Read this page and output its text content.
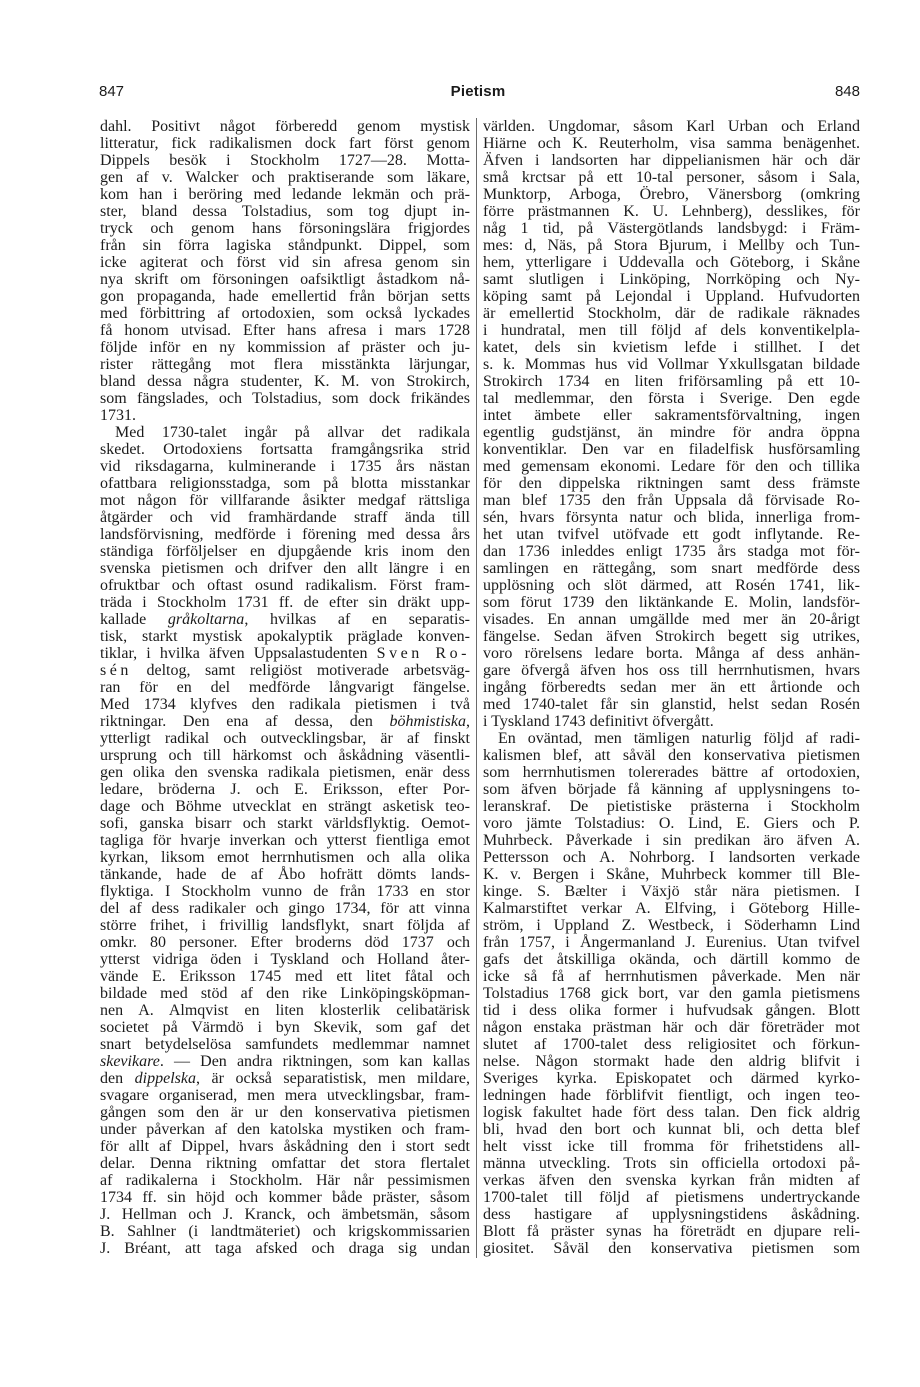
847	Pietism	848
dahl. Positivt något förberedd genom mystisk
litteratur, fick radikalismen dock fart först genom
Dippels besök i Stockholm 1727—28. Motta-
gen af v. Walcker och praktiserande som läkare,
kom han i beröring med ledande lekmän och prä-
ster, bland dessa Tolstadius, som tog djupt in-
tryck och genom hans försoningslära frigjordes
från sin förra lagiska ståndpunkt. Dippel, som
icke agiterat och först vid sin afresa genom sin
nya skrift om försoningen oafsiktligt åstadkom nå-
gon propaganda, hade emellertid från början setts
med förbittring af ortodoxien, som också lyckades
få honom utvisad. Efter hans afresa i mars 1728
följde inför en ny kommission af präster och ju-
rister rättegång mot flera misstänkta lärjungar,
bland dessa några studenter, K. M. von Strokirch,
som fängslades, och Tolstadius, som dock frikändes
1731.
Med 1730-talet ingår på allvar det radikala
skedet. Ortodoxiens fortsatta framgångsrika strid
vid riksdagarna, kulminerande i 1735 års nästan
ofattbara religionsstadga, som på blotta misstankar
mot någon för villfarande åsikter medgaf rättsliga
åtgärder och vid framhärdande straff ända till
landsförvisning, medförde i förening med dessa års
ständiga förföljelser en djupgående kris inom den
svenska pietismen och drifver den allt längre i en
ofruktbar och oftast osund radikalism. Först fram-
träda i Stockholm 1731 ff. de efter sin dräkt upp-
kallade gråkoltarna, hvilkas af en separatis-
tisk, starkt mystisk apokalyptik präglade konven-
tiklar, i hvilka äfven Uppsalastudenten Sven Ro-
sén deltog, samt religiöst motiverade arbetsväg-
ran för en del medförde långvarigt fängelse.
Med 1734 klyfves den radikala pietismen i två
riktningar. Den ena af dessa, den böhmistiska,
ytterligt radikal och outvecklingsbar, är af finskt
ursprung och till härkomst och åskådning väsentli-
gen olika den svenska radikala pietismen, enär dess
ledare, bröderna J. och E. Eriksson, efter Por-
dage och Böhme utvecklat en strängt asketisk teo-
sofi, ganska bisarr och starkt världsflyktig. Oemot-
tagliga för hvarje inverkan och ytterst fientliga emot
kyrkan, liksom emot herrnhutismen och alla olika
tänkande, hade de af Åbo hofrätt dömts lands-
flyktiga. I Stockholm vunno de från 1733 en stor
del af dess radikaler och gingo 1734, för att vinna
större frihet, i frivillig landsflykt, snart följda af
omkr. 80 personer. Efter broderns död 1737 och
ytterst vidriga öden i Tyskland och Holland åter-
vände E. Eriksson 1745 med ett litet fåtal och
bildade med stöd af den rike Linköpingsköpman-
nen A. Almqvist en liten klosterlik celibatärisk
societet på Värmdö i byn Skevik, som gaf det
snart betydelselösa samfundets medlemmar namnet
skevikare. — Den andra riktningen, som kan kallas
den dippelska, är också separatistisk, men mildare,
svagare organiserad, men mera utvecklingsbar, fram-
gången som den är ur den konservativa pietismen
under påverkan af den katolska mystiken och fram-
för allt af Dippel, hvars åskådning den i stort sedt
delar. Denna riktning omfattar det stora flertalet
af radikalerna i Stockholm. Här når pessimismen
1734 ff. sin höjd och kommer både präster, såsom
J. Hellman och J. Kranck, och ämbetsmän, såsom
B. Sahlner (i landtmäteriet) och krigskommissarien
J. Bréant, att taga afsked och draga sig undan
världen. Ungdomar, såsom Karl Urban och Erland
Hiärne och K. Reuterholm, visa samma benägenhet.
Äfven i landsorten har dippelianismen här och där
små krctsar på ett 10-tal personer, såsom i Sala,
Munktorp, Arboga, Örebro, Vänersborg (omkring
förre prästmannen K. U. Lehnberg), desslikes, för
någ 1 tid, på Västergötlands landsbygd: i Främ-
mes: d, Näs, på Stora Bjurum, i Mellby och Tun-
hem, ytterligare i Uddevalla och Göteborg, i Skåne
samt slutligen i Linköping, Norrköping och Ny-
köping samt på Lejondal i Uppland. Hufvudorten
är emellertid Stockholm, där de radikale räknades
i hundratal, men till följd af dels konventikelpla-
katet, dels sin kvietism lefde i stillhet. I det
s. k. Mommas hus vid Vollmar Yxkullsgatan bildade
Strokirch 1734 en liten friförsamling på ett 10-
tal medlemmar, den första i Sverige. Den egde
intet ämbete eller sakramentsförvaltning, ingen
egentlig gudstjänst, än mindre för andra öppna
konventiklar. Den var en filadelfisk husförsamling
med gemensam ekonomi. Ledare för den och tillika
för den dippelska riktningen samt dess främste
man blef 1735 den från Uppsala då förvisade Ro-
sén, hvars försynta natur och blida, innerliga from-
het utan tvifvel utöfvade ett godt inflytande. Re-
dan 1736 inleddes enligt 1735 års stadga mot för-
samlingen en rättegång, som snart medförde dess
upplösning och slöt därmed, att Rosén 1741, lik-
som förut 1739 den liktänkande E. Molin, landsför-
visades. En annan umgällde med mer än 20-årigt
fängelse. Sedan äfven Strokirch begett sig utrikes,
voro rörelsens ledare borta. Många af dess anhän-
gare öfvergå äfven hos oss till herrnhutismen, hvars
ingång förberedts sedan mer än ett årtionde och
med 1740-talet får sin glanstid, helst sedan Rosén
i Tyskland 1743 definitivt öfvergått.
En oväntad, men tämligen naturlig följd af radi-
kalismen blef, att såväl den konservativa pietismen
som herrnhutismen tolererades bättre af ortodoxien,
som äfven började få känning af upplysningens to-
leranskraf. De pietistiske prästerna i Stockholm
voro jämte Tolstadius: O. Lind, E. Giers och P.
Muhrbeck. Påverkade i sin predikan äro äfven A.
Pettersson och A. Nohrborg. I landsorten verkade
K. v. Bergen i Skåne, Muhrbeck kommer till Ble-
kinge. S. Bælter i Växjö står nära pietismen. I
Kalmarstiftet verkar A. Elfving, i Göteborg Hille-
ström, i Uppland Z. Westbeck, i Söderhamn Lind
från 1757, i Ångermanland J. Eurenius. Utan tvifvel
gafs det åtskilliga okända, och därtill kommo de
icke så få af herrnhutismen påverkade. Men när
Tolstadius 1768 gick bort, var den gamla pietismens
tid i dess olika former i hufvudsak gången. Blott
någon enstaka prästman här och där företräder mot
slutet af 1700-talet dess religiositet och förkun-
nelse. Någon stormakt hade den aldrig blifvit i
Sveriges kyrka. Episkopatet och därmed kyrko-
ledningen hade förblifvit fientligt, och ingen teo-
logisk fakultet hade fört dess talan. Den fick aldrig
bli, hvad den bort och kunnat bli, och detta blef
helt visst icke till fromma för frihetstidens all-
männa utveckling. Trots sin officiella ortodoxi på-
verkas äfven den svenska kyrkan från midten af
1700-talet till följd af pietismens undertryckande
dess hastigare af upplysningstidens åskådning.
Blott få präster synas ha företrädt en djupare reli-
giositet. Såväl den konservativa pietismen som
